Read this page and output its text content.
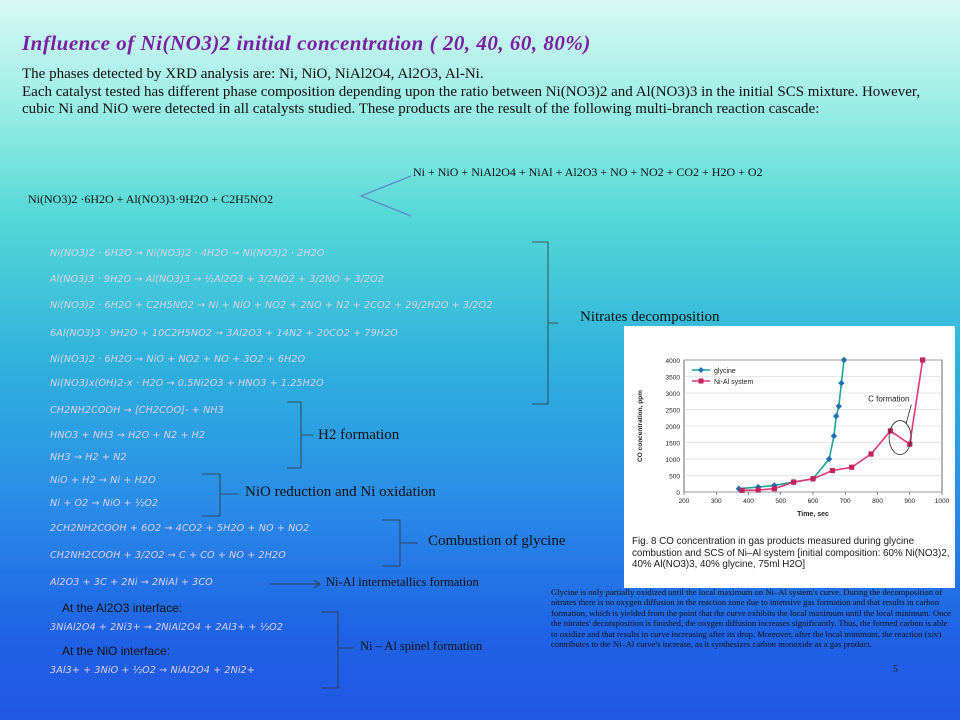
Influence of Ni(NO3)2 initial concentration ( 20, 40, 60, 80%)
The phases detected by XRD analysis are: Ni, NiO, NiAl2O4, Al2O3, Al-Ni.
Each catalyst tested has different phase composition depending upon the ratio between Ni(NO3)2 and Al(NO3)3 in the initial SCS mixture. However, cubic Ni and NiO were detected in all catalysts studied. These products are the result of the following multi-branch reaction cascade:
Ni(NO3)2 ·6H2O + Al(NO3)3·9H2O + C2H5NO2
Ni + NiO + NiAl2O4 + NiAl + Al2O3 + NO + NO2 + CO2 + H2O + O2
Ni(NO3)2 · 6H2O → Ni(NO3)2 · 4H2O → Ni(NO3)2 · 2H2O
Al(NO3)3 · 9H2O → Al(NO3)3 → ½Al2O3 + 3/2NO2 + 3/2NO + 3/2O2
Ni(NO3)2 · 6H2O + C2H5NO2 → Ni + NiO + NO2 + 2NO + N2 + 2CO2 + 29/2H2O + 3/2O2
6Al(NO3)3 · 9H2O + 10C2H5NO2 → 3Al2O3 + 14N2 + 20CO2 + 79H2O
Ni(NO3)2 · 6H2O → NiO + NO2 + NO + 3O2 + 6H2O
Ni(NO3)x(OH)2-x · H2O → 0.5Ni2O3 + HNO3 + 1.25H2O
Nitrates decomposition
CH2NH2COOH → [CH2COO]- + NH3
HNO3 + NH3 → H2O + N2 + H2
NH3 → H2 + N2
H2 formation
NiO + H2 → Ni + H2O
Ni + O2 → NiO + ½O2
NiO reduction and Ni oxidation
2CH2NH2COOH + 6O2 → 4CO2 + 5H2O + NO + NO2
CH2NH2COOH + 3/2O2 → C + CO + NO + 2H2O
Combustion of glycine
Al2O3 + 3C + 2Ni → 2NiAl + 3CO	Ni-Al intermetallics formation
At the Al2O3 interface:
3NiAl2O4 + 2Ni3+ → 2NiAl2O4 + 2Al3+ + ½O2
At the NiO interface:
3Al3+ + 3NiO + ½O2 → NiAl2O4 + 2Ni2+
Ni – Al spinel formation
0
500
1000
1500
2000
2500
3000
3500
4000
200	300	400	500	600	700	800	900	1000
Time, sec
CO concentration, ppm
glycine
Ni-Al system
C formation
Fig. 8 CO concentration in gas products measured during glycine combustion and SCS of Ni–Al system [initial composition: 60% Ni(NO3)2, 40% Al(NO3)3, 40% glycine, 75ml H2O]
Glycine is only partially oxidized until the local maximum on Ni–Al system's curve. During the decomposition of nitrates there is no oxygen diffusion in the reaction zone due to intensive gas formation and that results in carbon formation, which is yielded from the point that the curve exhibits the local maximum until the local minimum. Once the nitrates' decomposition is finished, the oxygen diffusion increases significantly. Thus, the formed carbon is able to oxidize and that results in curve increasing after its drop. Moreover, after the local minimum, the reaction (xiv) contributes to the Ni–Al curve's increase, as it synthesizes carbon monoxide as a gas product.
5
